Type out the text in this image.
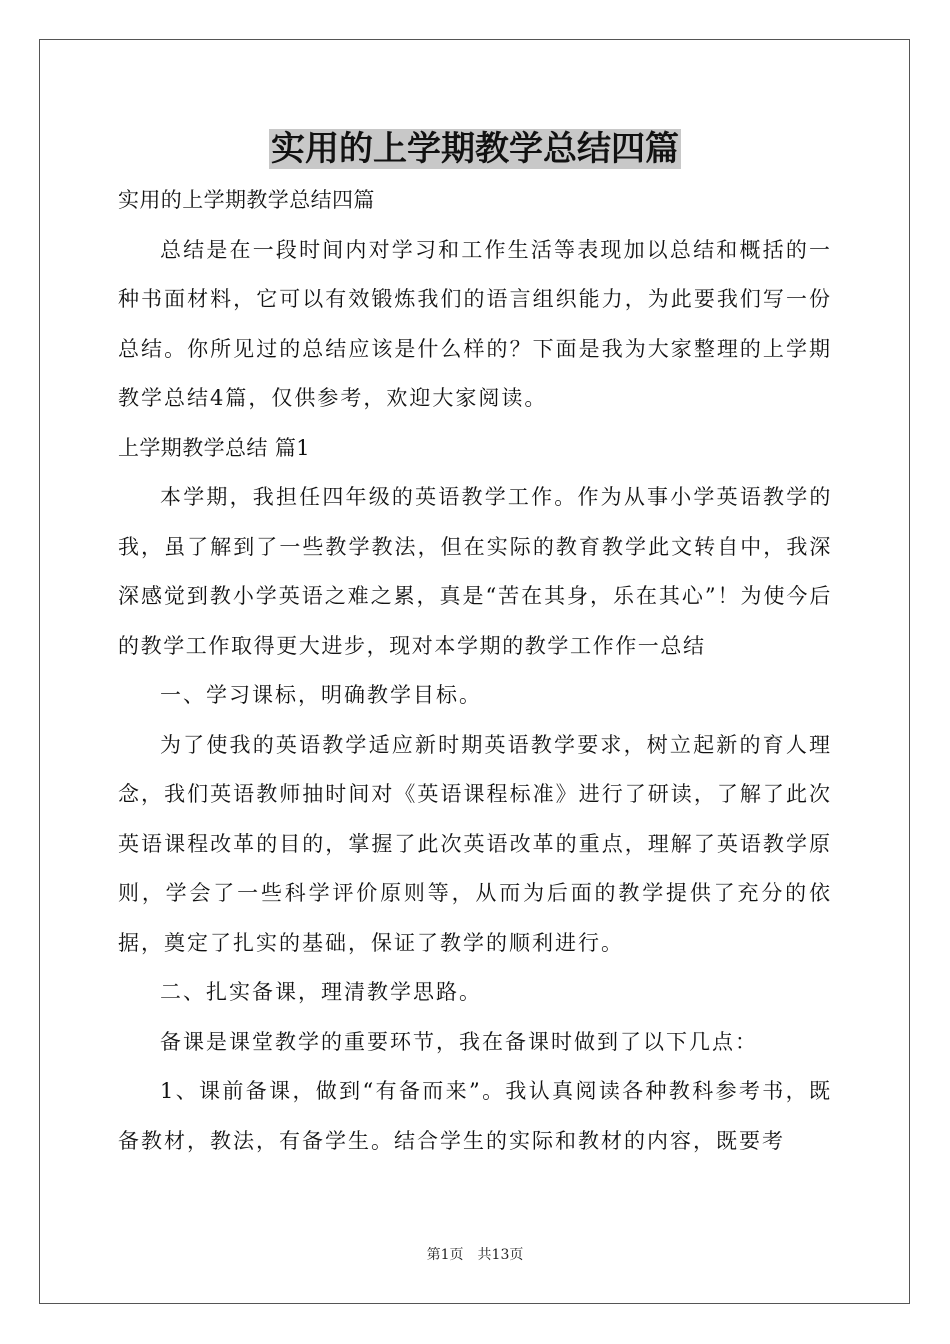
实用的上学期教学总结四篇
实用的上学期教学总结四篇

总结是在一段时间内对学习和工作生活等表现加以总结和概括的一种书面材料，它可以有效锻炼我们的语言组织能力，为此要我们写一份总结。你所见过的总结应该是什么样的？下面是我为大家整理的上学期教学总结4篇，仅供参考，欢迎大家阅读。

上学期教学总结 篇1

本学期，我担任四年级的英语教学工作。作为从事小学英语教学的我，虽了解到了一些教学教法，但在实际的教育教学此文转自中，我深深感觉到教小学英语之难之累，真是“苦在其身，乐在其心”！为使今后的教学工作取得更大进步，现对本学期的教学工作作一总结

一、学习课标，明确教学目标。

为了使我的英语教学适应新时期英语教学要求，树立起新的育人理念，我们英语教师抽时间对《英语课程标准》进行了研读，了解了此次英语课程改革的目的，掌握了此次英语改革的重点，理解了英语教学原则，学会了一些科学评价原则等，从而为后面的教学提供了充分的依据，奠定了扎实的基础，保证了教学的顺利进行。

二、扎实备课，理清教学思路。

备课是课堂教学的重要环节，我在备课时做到了以下几点：

1、课前备课，做到“有备而来”。我认真阅读各种教科参考书，既备教材，教法，有备学生。结合学生的实际和教材的内容，既要考

第1页　共13页
